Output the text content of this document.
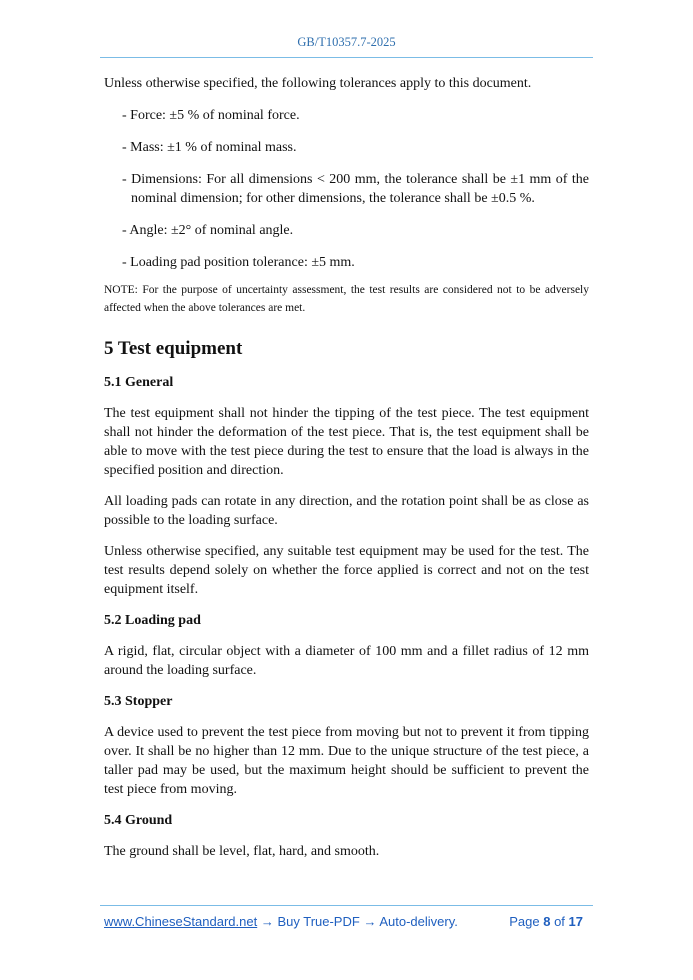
GB/T10357.7-2025

Unless otherwise specified, the following tolerances apply to this document.

- Force: ±5 % of nominal force.

- Mass: ±1 % of nominal mass.

- Dimensions: For all dimensions < 200 mm, the tolerance shall be ±1 mm of the nominal dimension; for other dimensions, the tolerance shall be ±0.5 %.

- Angle: ±2° of nominal angle.

- Loading pad position tolerance: ±5 mm.

NOTE: For the purpose of uncertainty assessment, the test results are considered not to be adversely affected when the above tolerances are met.

5 Test equipment
5.1 General

The test equipment shall not hinder the tipping of the test piece. The test equipment shall not hinder the deformation of the test piece. That is, the test equipment shall be able to move with the test piece during the test to ensure that the load is always in the specified position and direction.

All loading pads can rotate in any direction, and the rotation point shall be as close as possible to the loading surface.

Unless otherwise specified, any suitable test equipment may be used for the test. The test results depend solely on whether the force applied is correct and not on the test equipment itself.

5.2 Loading pad

A rigid, flat, circular object with a diameter of 100 mm and a fillet radius of 12 mm around the loading surface.

5.3 Stopper

A device used to prevent the test piece from moving but not to prevent it from tipping over. It shall be no higher than 12 mm. Due to the unique structure of the test piece, a taller pad may be used, but the maximum height should be sufficient to prevent the test piece from moving.

5.4 Ground

The ground shall be level, flat, hard, and smooth.

www.ChineseStandard.net → Buy True-PDF → Auto-delivery.	Page 8 of 17
